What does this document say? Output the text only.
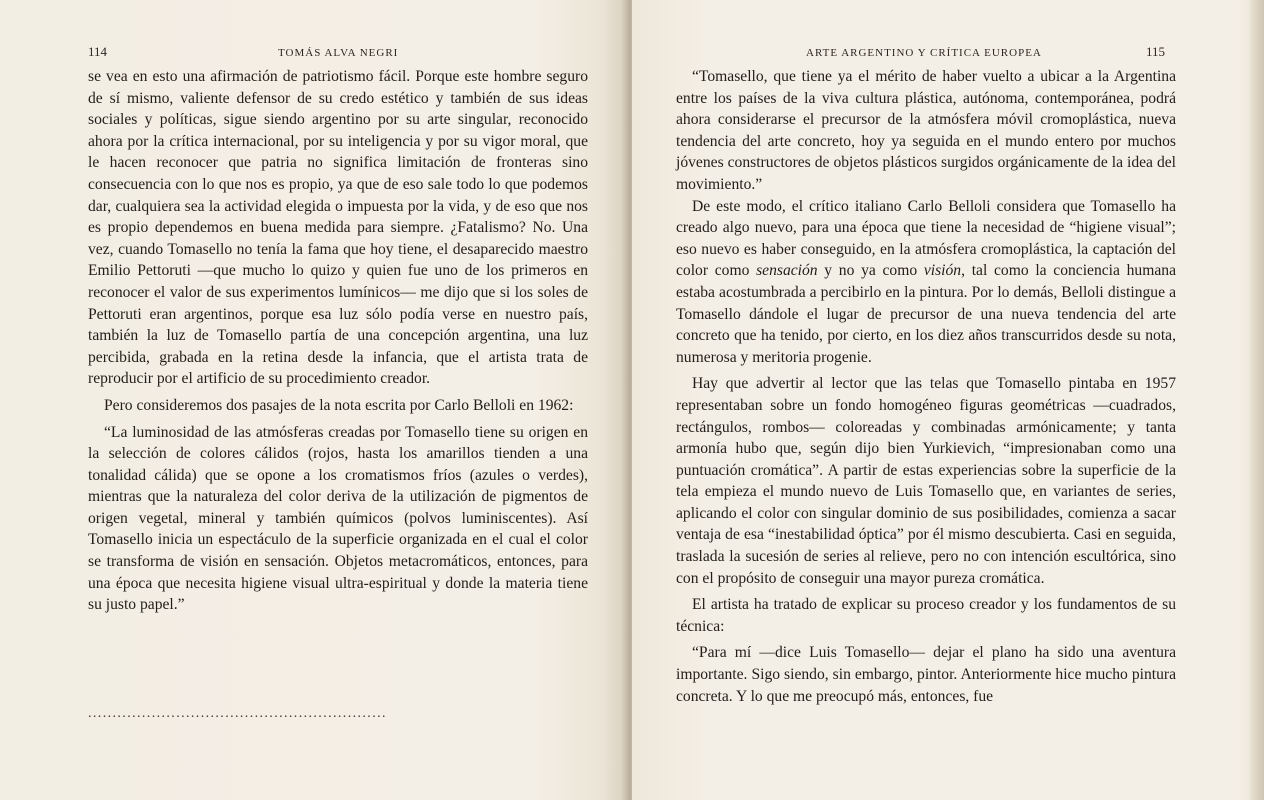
114	TOMÁS ALVA NEGRI

se vea en esto una afirmación de patriotismo fácil. Porque este hombre seguro de sí mismo, valiente defensor de su credo estético y también de sus ideas sociales y políticas, sigue siendo argentino por su arte singular, reconocido ahora por la crítica internacional, por su inteligencia y por su vigor moral, que le hacen reconocer que patria no significa limitación de fronteras sino consecuencia con lo que nos es propio, ya que de eso sale todo lo que podemos dar, cualquiera sea la actividad elegida o impuesta por la vida, y de eso que nos es propio dependemos en buena medida para siempre. ¿Fatalismo? No. Una vez, cuando Tomasello no tenía la fama que hoy tiene, el desaparecido maestro Emilio Pettoruti —que mucho lo quizo y quien fue uno de los primeros en reconocer el valor de sus experimentos lumínicos— me dijo que si los soles de Pettoruti eran argentinos, porque esa luz sólo podía verse en nuestro país, también la luz de Tomasello partía de una concepción argentina, una luz percibida, grabada en la retina desde la infancia, que el artista trata de reproducir por el artificio de su procedimiento creador.

Pero consideremos dos pasajes de la nota escrita por Carlo Belloli en 1962:

“La luminosidad de las atmósferas creadas por Tomasello tiene su origen en la selección de colores cálidos (rojos, hasta los amarillos tienden a una tonalidad cálida) que se opone a los cromatismos fríos (azules o verdes), mientras que la naturaleza del color deriva de la utilización de pigmentos de origen vegetal, mineral y también químicos (polvos luminiscentes). Así Tomasello inicia un espectáculo de la superficie organizada en el cual el color se transforma de visión en sensación. Objetos metacromáticos, entonces, para una época que necesita higiene visual ultra-espiritual y donde la materia tiene su justo papel.”

.............................................................
ARTE ARGENTINO Y CRÍTICA EUROPEA	115

“Tomasello, que tiene ya el mérito de haber vuelto a ubicar a la Argentina entre los países de la viva cultura plástica, autónoma, contemporánea, podrá ahora considerarse el precursor de la atmósfera móvil cromoplástica, nueva tendencia del arte concreto, hoy ya seguida en el mundo entero por muchos jóvenes constructores de objetos plásticos surgidos orgánicamente de la idea del movimiento.”

De este modo, el crítico italiano Carlo Belloli considera que Tomasello ha creado algo nuevo, para una época que tiene la necesidad de “higiene visual”; eso nuevo es haber conseguido, en la atmósfera cromoplástica, la captación del color como sensación y no ya como visión, tal como la conciencia humana estaba acostumbrada a percibirlo en la pintura. Por lo demás, Belloli distingue a Tomasello dándole el lugar de precursor de una nueva tendencia del arte concreto que ha tenido, por cierto, en los diez años transcurridos desde su nota, numerosa y meritoria progenie.

Hay que advertir al lector que las telas que Tomasello pintaba en 1957 representaban sobre un fondo homogéneo figuras geométricas —cuadrados, rectángulos, rombos— coloreadas y combinadas armónicamente; y tanta armonía hubo que, según dijo bien Yurkievich, “impresionaban como una puntuación cromática”. A partir de estas experiencias sobre la superficie de la tela empieza el mundo nuevo de Luis Tomasello que, en variantes de series, aplicando el color con singular dominio de sus posibilidades, comienza a sacar ventaja de esa “inestabilidad óptica” por él mismo descubierta. Casi en seguida, traslada la sucesión de series al relieve, pero no con intención escultórica, sino con el propósito de conseguir una mayor pureza cromática.

El artista ha tratado de explicar su proceso creador y los fundamentos de su técnica:

“Para mí —dice Luis Tomasello— dejar el plano ha sido una aventura importante. Sigo siendo, sin embargo, pintor. Anteriormente hice mucho pintura concreta. Y lo que me preocupó más, entonces, fue
